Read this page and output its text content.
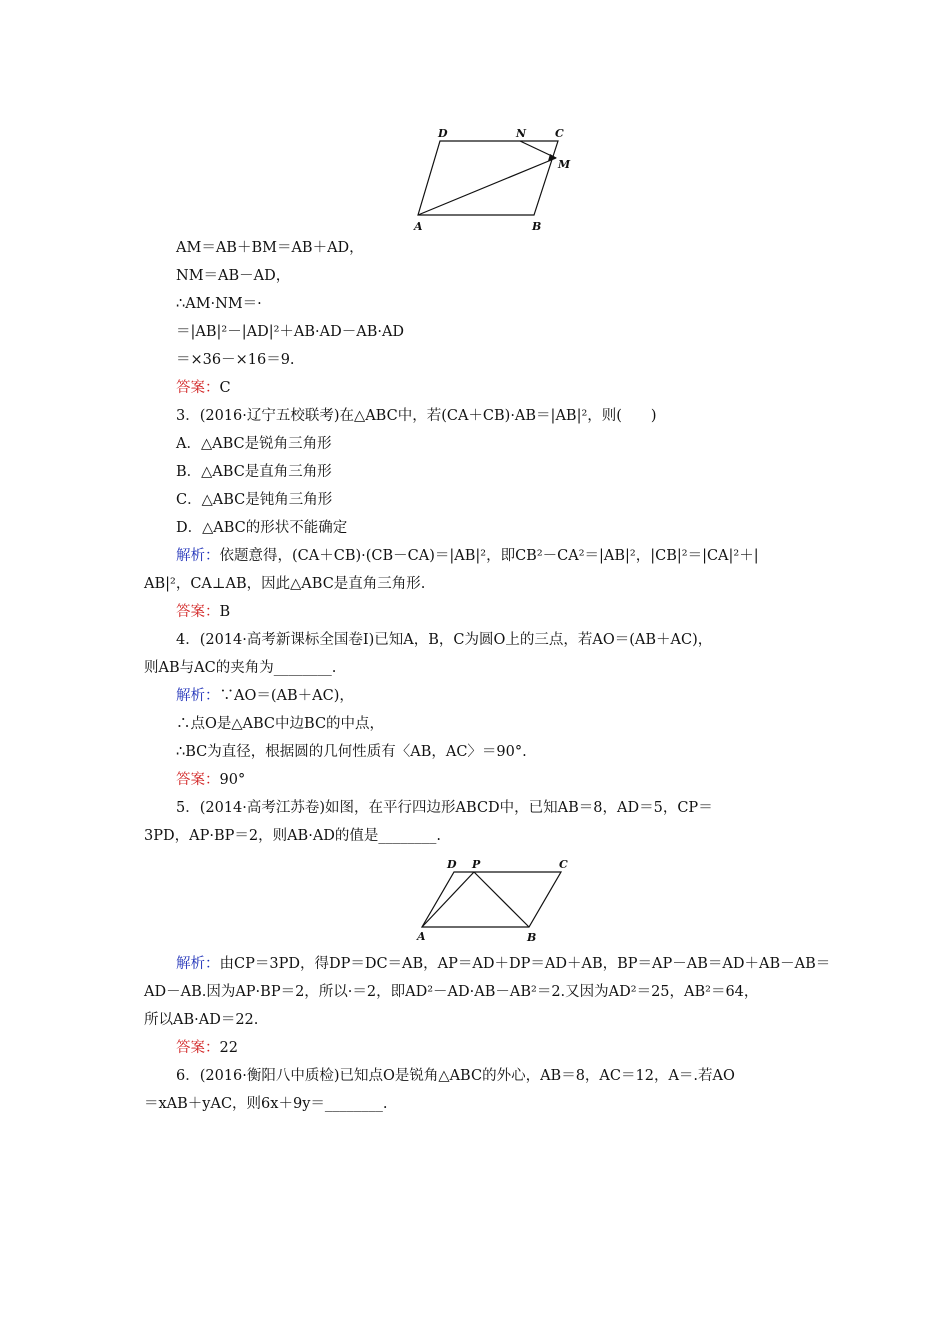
D	N	C
M
A	B
AM＝AB＋BM＝AB＋AD，
NM＝AB－AD，
∴AM·NM＝·
＝|AB|²－|AD|²＋AB·AD－AB·AD
＝×36－×16＝9.
答案：C
3．(2016·辽宁五校联考)在△ABC中，若(CA＋CB)·AB＝|AB|²，则(　　)
A．△ABC是锐角三角形
B．△ABC是直角三角形
C．△ABC是钝角三角形
D．△ABC的形状不能确定
解析：依题意得，(CA＋CB)·(CB－CA)＝|AB|²，即CB²－CA²＝|AB|²，|CB|²＝|CA|²＋|
AB|²，CA⊥AB，因此△ABC是直角三角形.
答案：B
4．(2014·高考新课标全国卷Ⅰ)已知A，B，C为圆O上的三点，若AO＝(AB＋AC)，
则AB与AC的夹角为________.
解析：∵AO＝(AB＋AC)，
∴点O是△ABC中边BC的中点，
∴BC为直径，根据圆的几何性质有〈AB，AC〉＝90°.
答案：90°
5．(2014·高考江苏卷)如图，在平行四边形ABCD中，已知AB＝8，AD＝5，CP＝
3PD，AP·BP＝2，则AB·AD的值是________.
D P	C
A	B
解析：由CP＝3PD，得DP＝DC＝AB，AP＝AD＋DP＝AD＋AB，BP＝AP－AB＝AD＋AB－AB＝
AD－AB.因为AP·BP＝2，所以·＝2，即AD²－AD·AB－AB²＝2.又因为AD²＝25，AB²＝64，
所以AB·AD＝22.
答案：22
6．(2016·衡阳八中质检)已知点O是锐角△ABC的外心，AB＝8，AC＝12，A＝.若AO
＝xAB＋yAC，则6x＋9y＝________.
